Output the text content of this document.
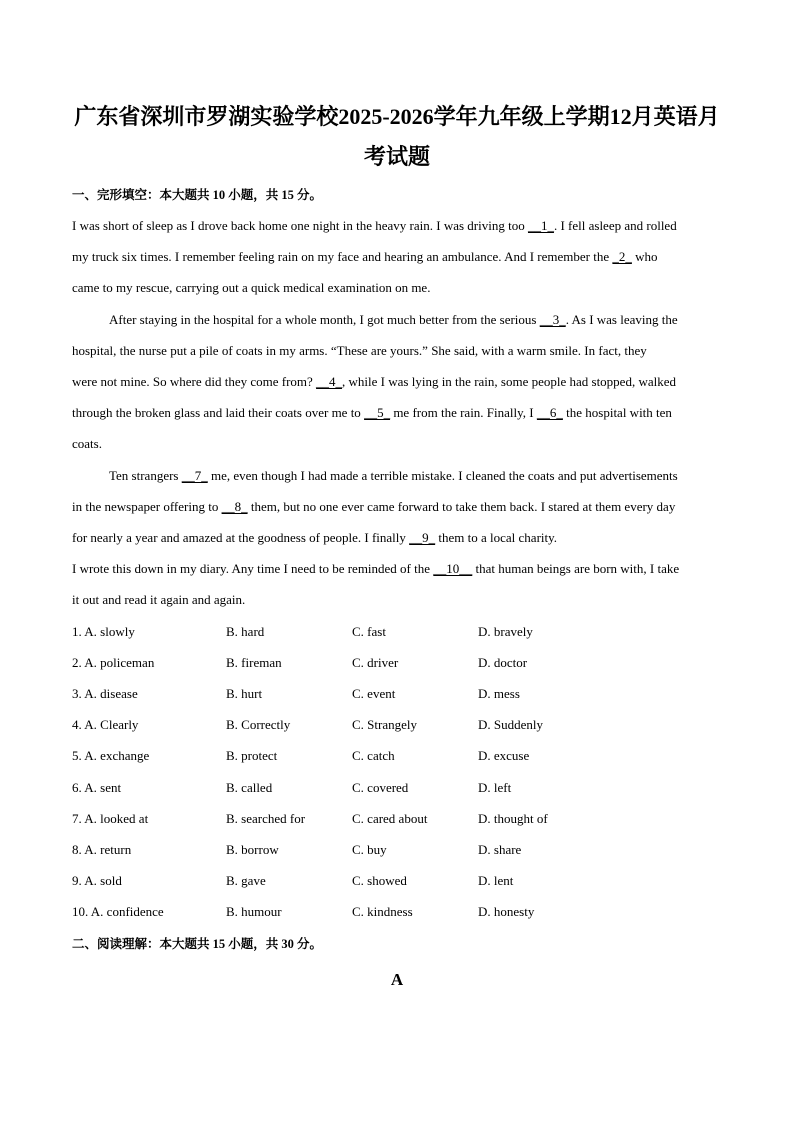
广东省深圳市罗湖实验学校2025-2026学年九年级上学期12月英语月
考试题
一、完形填空：本大题共 10 小题，共 15 分。
I was short of sleep as I drove back home one night in the heavy rain. I was driving too __1_. I fell asleep and rolled
my truck six times. I remember feeling rain on my face and hearing an ambulance. And I remember the _2_ who
came to my rescue, carrying out a quick medical examination on me.
After staying in the hospital for a whole month, I got much better from the serious __3_. As I was leaving the
hospital, the nurse put a pile of coats in my arms. “These are yours.” She said, with a warm smile. In fact, they
were not mine. So where did they come from? __4_, while I was lying in the rain, some people had stopped, walked
through the broken glass and laid their coats over me to __5_ me from the rain. Finally, I __6_ the hospital with ten
coats.
Ten strangers __7_ me, even though I had made a terrible mistake. I cleaned the coats and put advertisements
in the newspaper offering to __8_ them, but no one ever came forward to take them back. I stared at them every day
for nearly a year and amazed at the goodness of people. I finally __9_ them to a local charity.
I wrote this down in my diary. Any time I need to be reminded of the __10__ that human beings are born with, I take
it out and read it again and again.
1. A. slowly	B. hard	C. fast	D. bravely
2. A. policeman	B. fireman	C. driver	D. doctor
3. A. disease	B. hurt	C. event	D. mess
4. A. Clearly	B. Correctly	C. Strangely	D. Suddenly
5. A. exchange	B. protect	C. catch	D. excuse
6. A. sent	B. called	C. covered	D. left
7. A. looked at	B. searched for	C. cared about	D. thought of
8. A. return	B. borrow	C. buy	D. share
9. A. sold	B. gave	C. showed	D. lent
10. A. confidence	B. humour	C. kindness	D. honesty
二、阅读理解：本大题共 15 小题，共 30 分。
A
